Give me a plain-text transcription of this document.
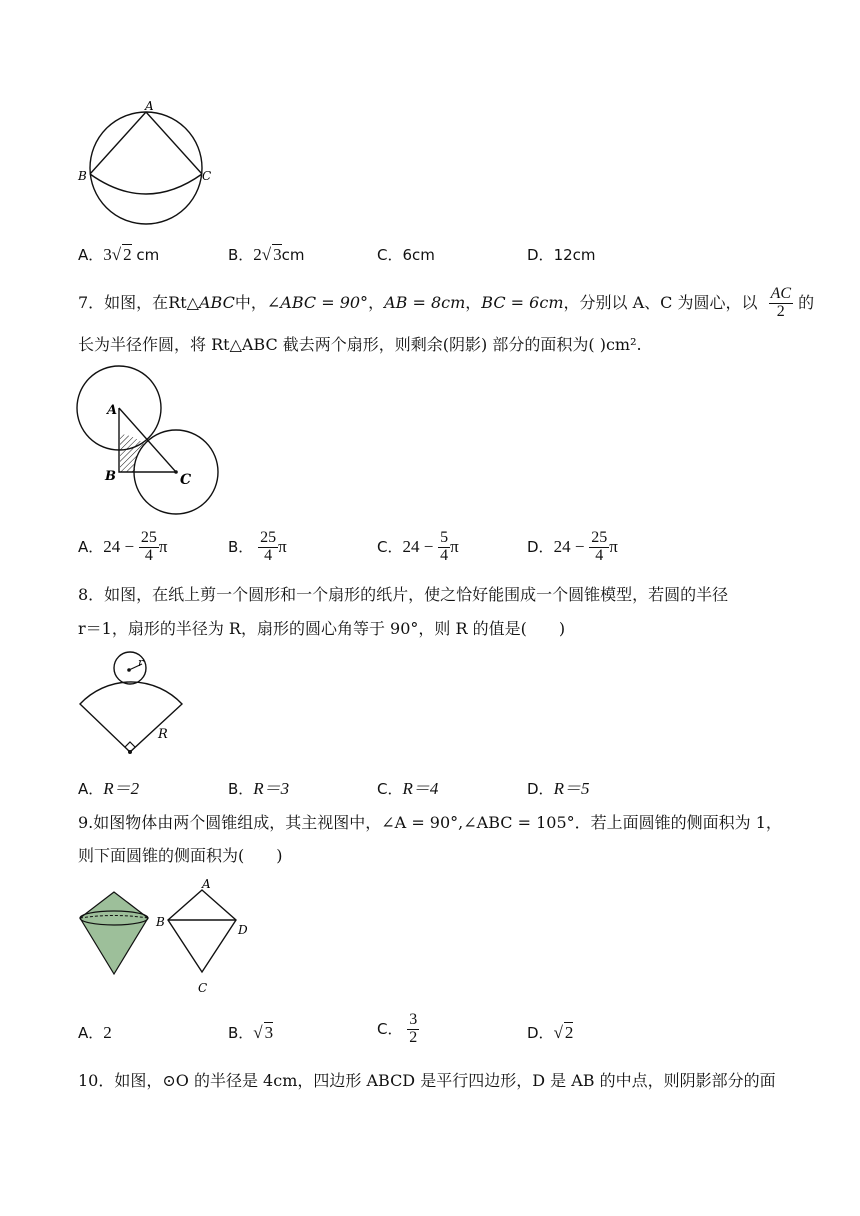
A
B	C
A．3√ 2 cm	B．2√ 3cm	C．6cm	D．12cm
7．如图，在Rt△ABC中，∠ABC = 90°，AB = 8cm，BC = 6cm，分别以 A、C 为圆心，以 $\frac{AC}{2}$ 的
长为半径作圆，将 Rt△ABC 截去两个扇形，则剩余(阴影) 部分的面积为( )cm².
A
B	C
A．$24 - \frac{25}{4}$ π	B． $\frac{25}{4}$ π	C．$24 - \frac{5}{4}$ π	D．$24 - \frac{25}{4}$ π
8．如图，在纸上剪一个圆形和一个扇形的纸片，使之恰好能围成一个圆锥模型，若圆的半径
r＝1，扇形的半径为 R，扇形的圆心角等于 90°，则 R 的值是(　　)
r
R
A．R＝2	B．R＝3	C．R＝4	D．R＝5
9.如图物体由两个圆锥组成，其主视图中，∠A = 90°,∠ABC = 105°．若上面圆锥的侧面积为 1，
则下面圆锥的侧面积为(　　)
A
B
C
D
A．2	B．√ 3	C． $\frac{3}{2}$	D．√ 2
10．如图，⊙O 的半径是 4cm，四边形 ABCD 是平行四边形，D 是 AB 的中点，则阴影部分的面
